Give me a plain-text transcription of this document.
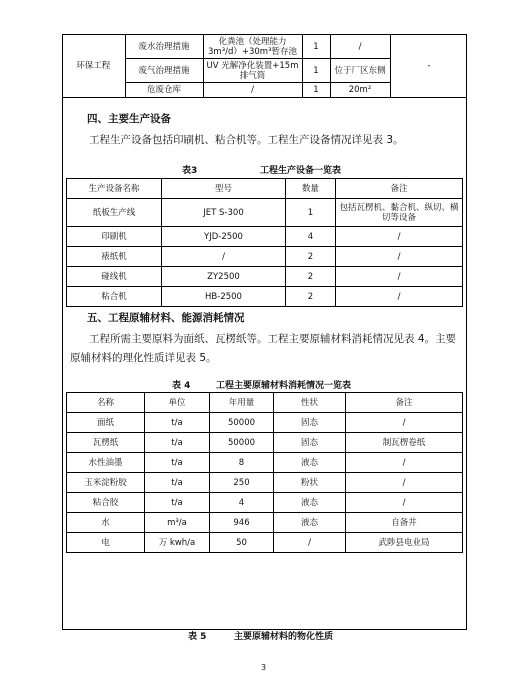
环保工程	废水治理措施	化粪池（处理能力3m³/d）+30m³暂存池	1	/	-
	废气治理措施	UV 光解净化装置+15m 排气筒	1	位于厂区东侧	
	危废仓库	/	1	20m²	
四、主要生产设备
工程生产设备包括印刷机、粘合机等。工程生产设备情况详见表 3。
表3	工程生产设备一览表
生产设备名称	型号	数量	备注
纸板生产线	JET S-300	1	包括瓦楞机、黏合机、纵切、横切等设备
印刷机	YJD-2500	4	/
裱纸机	/	2	/
碰线机	ZY2500	2	/
粘合机	HB-2500	2	/
五、工程原辅材料、能源消耗情况
工程所需主要原料为面纸、瓦楞纸等。工程主要原辅材料消耗情况见表 4。主要原辅材料的理化性质详见表 5。
表 4	工程主要原辅材料消耗情况一览表
名称	单位	年用量	性状	备注
面纸	t/a	50000	固态	/
瓦楞纸	t/a	50000	固态	制瓦楞卷纸
水性油墨	t/a	8	液态	/
玉米淀粉胶	t/a	250	粉状	/
粘合胶	t/a	4	液态	/
水	m³/a	946	液态	自备井
电	万 kwh/a	50	/	武陟县电业局
表 5	主要原辅材料的物化性质
3
